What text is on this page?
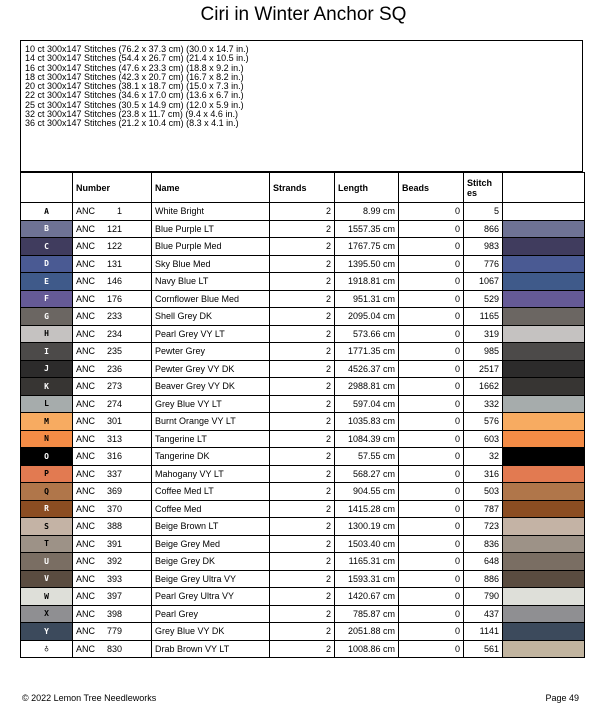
Ciri in Winter Anchor SQ
10 ct 300x147 Stitches (76.2 x 37.3 cm) (30.0 x 14.7 in.)
14 ct 300x147 Stitches (54.4 x 26.7 cm) (21.4 x 10.5 in.)
16 ct 300x147 Stitches (47.6 x 23.3 cm) (18.8 x 9.2 in.)
18 ct 300x147 Stitches (42.3 x 20.7 cm) (16.7 x 8.2 in.)
20 ct 300x147 Stitches (38.1 x 18.7 cm) (15.0 x 7.3 in.)
22 ct 300x147 Stitches (34.6 x 17.0 cm) (13.6 x 6.7 in.)
25 ct 300x147 Stitches (30.5 x 14.9 cm) (12.0 x 5.9 in.)
32 ct 300x147 Stitches (23.8 x 11.7 cm) (9.4 x 4.6 in.)
36 ct 300x147 Stitches (21.2 x 10.4 cm) (8.3 x 4.1 in.)
	Number	Name	Strands	Length	Beads	Stitch es	
A	ANC 1	White Bright	2	8.99 cm	0	5	

B	ANC 121	Blue Purple LT	2	1557.35 cm	0	866	

C	ANC 122	Blue Purple Med	2	1767.75 cm	0	983	

D	ANC 131	Sky Blue Med	2	1395.50 cm	0	776	

E	ANC 146	Navy Blue LT	2	1918.81 cm	0	1067	

F	ANC 176	Cornflower Blue Med	2	951.31 cm	0	529	

G	ANC 233	Shell Grey DK	2	2095.04 cm	0	1165	

H	ANC 234	Pearl Grey VY LT	2	573.66 cm	0	319	

I	ANC 235	Pewter Grey	2	1771.35 cm	0	985	

J	ANC 236	Pewter Grey VY DK	2	4526.37 cm	0	2517	

K	ANC 273	Beaver Grey VY DK	2	2988.81 cm	0	1662	

L	ANC 274	Grey Blue VY LT	2	597.04 cm	0	332	

M	ANC 301	Burnt Orange VY LT	2	1035.83 cm	0	576	

N	ANC 313	Tangerine LT	2	1084.39 cm	0	603	

O	ANC 316	Tangerine DK	2	57.55 cm	0	32	

P	ANC 337	Mahogany VY LT	2	568.27 cm	0	316	

Q	ANC 369	Coffee Med LT	2	904.55 cm	0	503	

R	ANC 370	Coffee Med	2	1415.28 cm	0	787	

S	ANC 388	Beige Brown LT	2	1300.19 cm	0	723	

T	ANC 391	Beige Grey Med	2	1503.40 cm	0	836	

U	ANC 392	Beige Grey DK	2	1165.31 cm	0	648	

V	ANC 393	Beige Grey Ultra VY	2	1593.31 cm	0	886	

W	ANC 397	Pearl Grey Ultra VY	2	1420.67 cm	0	790	

X	ANC 398	Pearl Grey	2	785.87 cm	0	437	

Y	ANC 779	Grey Blue VY DK	2	2051.88 cm	0	1141	

♁	ANC 830	Drab Brown VY LT	2	1008.86 cm	0	561	
© 2022 Lemon Tree Needleworks	Page 49
